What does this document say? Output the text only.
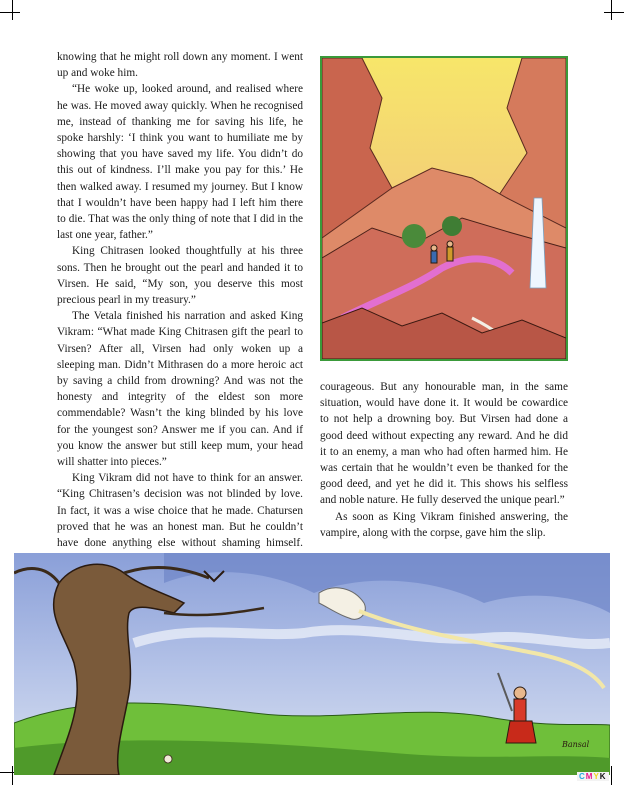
knowing that he might roll down any moment. I went up and woke him.

“He woke up, looked around, and realised where he was. He moved away quickly. When he recognised me, instead of thanking me for saving his life, he spoke harshly: ‘I think you want to humiliate me by showing that you have saved my life. You didn’t do this out of kindness. I’ll make you pay for this.’ He then walked away. I resumed my journey. But I know that I wouldn’t have been happy had I left him there to die. That was the only thing of note that I did in the last one year, father.”

King Chitrasen looked thoughtfully at his three sons. Then he brought out the pearl and handed it to Virsen. He said, “My son, you deserve this most precious pearl in my treasury.”

The Vetala finished his narration and asked King Vikram: “What made King Chitrasen gift the pearl to Virsen? After all, Virsen had only woken up a sleeping man. Didn’t Mithrasen do a more heroic act by saving a child from drowning? And was not the honesty and integrity of the eldest son more commendable? Wasn’t the king blinded by his love for the youngest son? Answer me if you can. And if you know the answer but still keep mum, your head will shatter into pieces.”

King Vikram did not have to think for an answer. “King Chitrasen’s decision was not blinded by love. In fact, it was a wise choice that he made. Chatursen proved that he was an honest man. But he couldn’t have done anything else without shaming himself.

courageous. But any honourable man, in the same situation, would have done it. It would be cowardice to not help a drowning boy. But Virsen had done a good deed without expecting any reward. And he did it to an enemy, a man who had often harmed him. He was certain that he wouldn’t even be thanked for the good deed, and yet he did it. This shows his selfless and noble nature. He fully deserved the unique pearl.”

As soon as King Vikram finished answering, the vampire, along with the corpse, gave him the slip.

Bansal
CMYK
